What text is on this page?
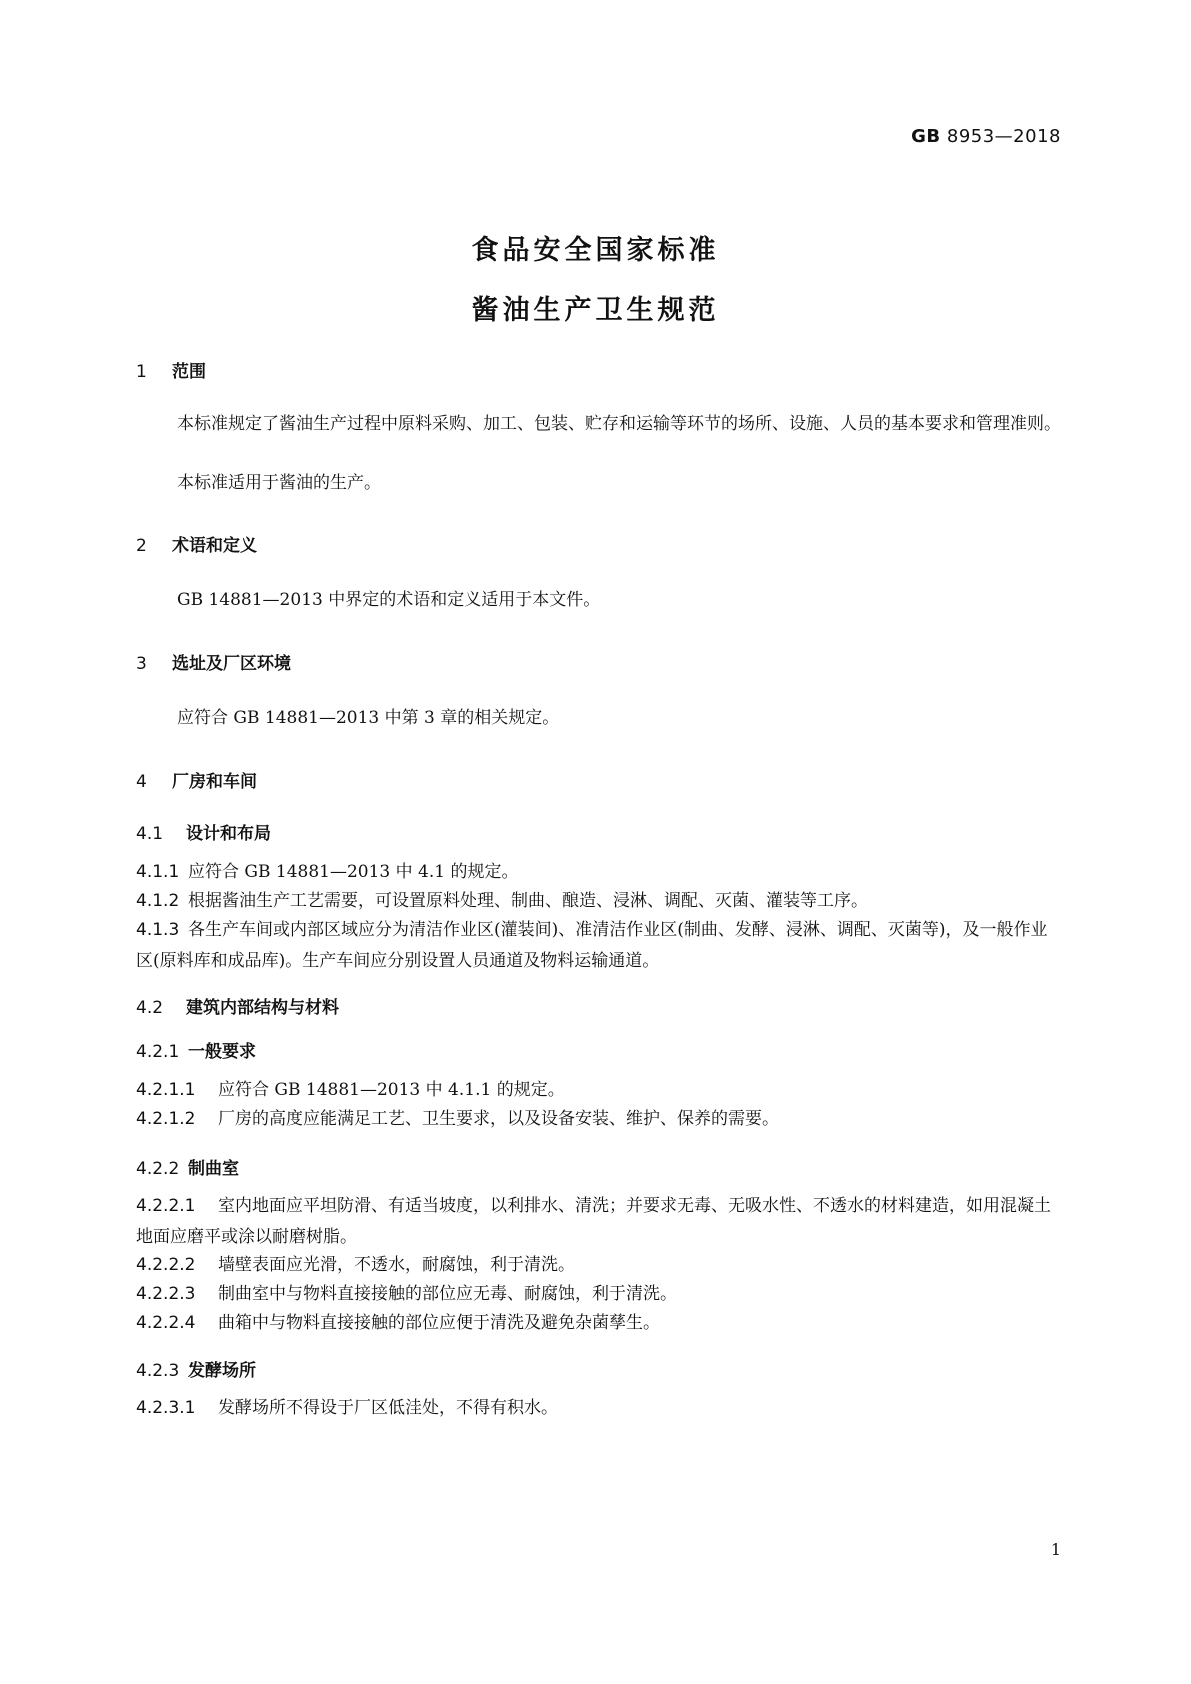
GB 8953—2018
食品安全国家标准
酱油生产卫生规范
1 范围
本标准规定了酱油生产过程中原料采购、加工、包装、贮存和运输等环节的场所、设施、人员的基本要求和管理准则。
本标准适用于酱油的生产。
2 术语和定义
GB 14881—2013 中界定的术语和定义适用于本文件。
3 选址及厂区环境
应符合 GB 14881—2013 中第 3 章的相关规定。
4 厂房和车间
4.1 设计和布局
4.1.1 应符合 GB 14881—2013 中 4.1 的规定。
4.1.2 根据酱油生产工艺需要，可设置原料处理、制曲、酿造、浸淋、调配、灭菌、灌装等工序。
4.1.3 各生产车间或内部区域应分为清洁作业区(灌装间)、准清洁作业区(制曲、发酵、浸淋、调配、灭菌等)，及一般作业区(原料库和成品库)。生产车间应分别设置人员通道及物料运输通道。
4.2 建筑内部结构与材料
4.2.1 一般要求
4.2.1.1 应符合 GB 14881—2013 中 4.1.1 的规定。
4.2.1.2 厂房的高度应能满足工艺、卫生要求，以及设备安装、维护、保养的需要。
4.2.2 制曲室
4.2.2.1 室内地面应平坦防滑、有适当坡度，以利排水、清洗；并要求无毒、无吸水性、不透水的材料建造，如用混凝土地面应磨平或涂以耐磨树脂。
4.2.2.2 墙壁表面应光滑，不透水，耐腐蚀，利于清洗。
4.2.2.3 制曲室中与物料直接接触的部位应无毒、耐腐蚀，利于清洗。
4.2.2.4 曲箱中与物料直接接触的部位应便于清洗及避免杂菌孳生。
4.2.3 发酵场所
4.2.3.1 发酵场所不得设于厂区低洼处，不得有积水。
1
